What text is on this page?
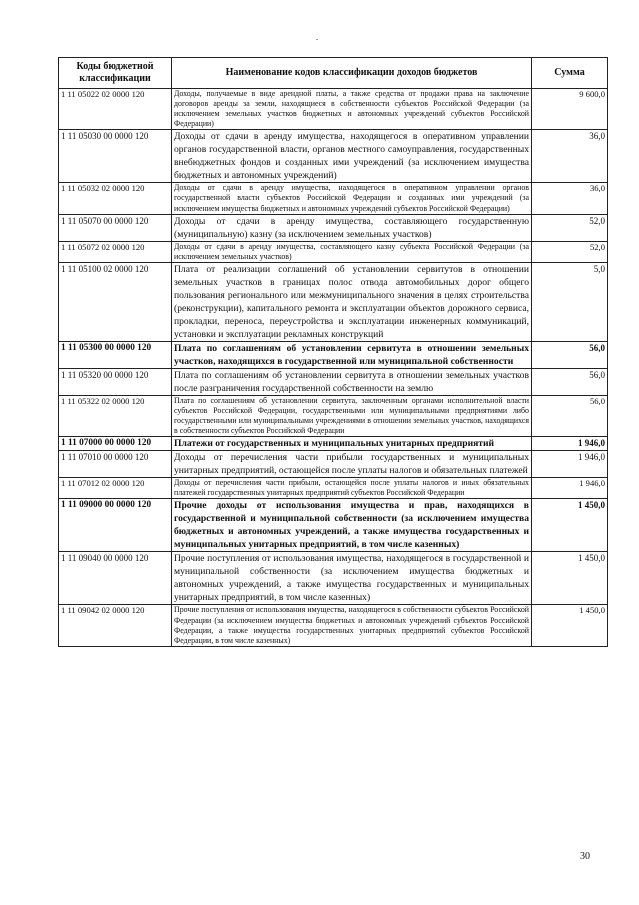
Коды бюджетной классификации	Наименование кодов классификации доходов бюджетов	Сумма
1 11 05022 02 0000 120	Доходы, получаемые в виде арендной платы, а также средства от продажи права на заключение договоров аренды за земли, находящиеся в собственности субъектов Российской Федерации (за исключением земельных участков бюджетных и автономных учреждений субъектов Российской Федерации)	9 600,0
1 11 05030 00 0000 120	Доходы от сдачи в аренду имущества, находящегося в оперативном управлении органов государственной власти, органов местного самоуправления, государственных внебюджетных фондов и созданных ими учреждений (за исключением имущества бюджетных и автономных учреждений)	36,0
1 11 05032 02 0000 120	Доходы от сдачи в аренду имущества, находящегося в оперативном управлении органов государственной власти субъектов Российской Федерации и созданных ими учреждений (за исключением имущества бюджетных и автономных учреждений субъектов Российской Федерации)	36,0
1 11 05070 00 0000 120	Доходы от сдачи в аренду имущества, составляющего государственную (муниципальную) казну (за исключением земельных участков)	52,0
1 11 05072 02 0000 120	Доходы от сдачи в аренду имущества, составляющего казну субъекта Российской Федерации (за исключением земельных участков)	52,0
1 11 05100 02 0000 120	Плата от реализации соглашений об установлении сервитутов в отношении земельных участков в границах полос отвода автомобильных дорог общего пользования регионального или межмуниципального значения в целях строительства (реконструкции), капитального ремонта и эксплуатации объектов дорожного сервиса, прокладки, переноса, переустройства и эксплуатации инженерных коммуникаций, установки и эксплуатации рекламных конструкций	5,0
1 11 05300 00 0000 120	Плата по соглашениям об установлении сервитута в отношении земельных участков, находящихся в государственной или муниципальной собственности	56,0
1 11 05320 00 0000 120	Плата по соглашениям об установлении сервитута в отношении земельных участков после разграничения государственной собственности на землю	56,0
1 11 05322 02 0000 120	Плата по соглашениям об установлении сервитута, заключенным органами исполнительной власти субъектов Российской Федерации, государственными или муниципальными предприятиями либо государственными или муниципальными учреждениями в отношении земельных участков, находящихся в собственности субъектов Российской Федерации	56,0
1 11 07000 00 0000 120	Платежи от государственных и муниципальных унитарных предприятий	1 946,0
1 11 07010 00 0000 120	Доходы от перечисления части прибыли государственных и муниципальных унитарных предприятий, остающейся после уплаты налогов и обязательных платежей	1 946,0
1 11 07012 02 0000 120	Доходы от перечисления части прибыли, остающейся после уплаты налогов и иных обязательных платежей государственных унитарных предприятий субъектов Российской Федерации	1 946,0
1 11 09000 00 0000 120	Прочие доходы от использования имущества и прав, находящихся в государственной и муниципальной собственности (за исключением имущества бюджетных и автономных учреждений, а также имущества государственных и муниципальных унитарных предприятий, в том числе казенных)	1 450,0
1 11 09040 00 0000 120	Прочие поступления от использования имущества, находящегося в государственной и муниципальной собственности (за исключением имущества бюджетных и автономных учреждений, а также имущества государственных и муниципальных унитарных предприятий, в том числе казенных)	1 450,0
1 11 09042 02 0000 120	Прочие поступления от использования имущества, находящегося в собственности субъектов Российской Федерации (за исключением имущества бюджетных и автономных учреждений субъектов Российской Федерации, а также имущества государственных унитарных предприятий субъектов Российской Федерации, в том числе казенных)	1 450,0
30
